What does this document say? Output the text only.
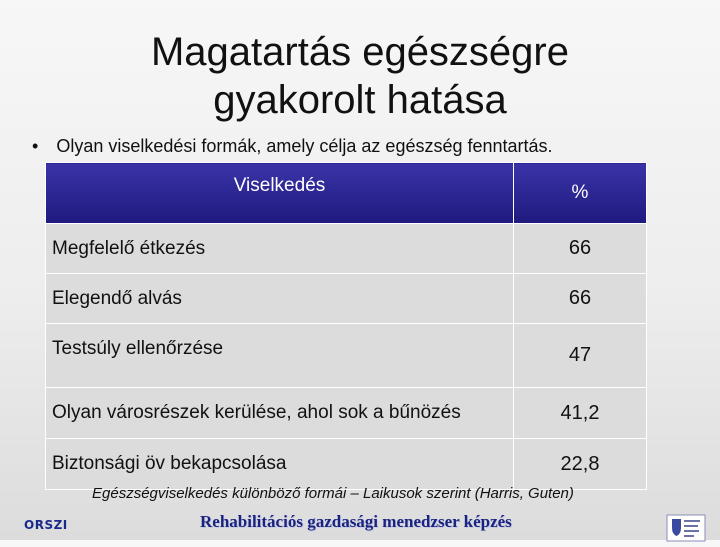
Magatartás egészségre
gyakorolt hatása
• Olyan viselkedési formák, amely célja az egészség fenntartás.
Viselkedés	%
Megfelelő étkezés	66
Elegendő alvás	66
Testsúly ellenőrzése	47
Olyan városrészek kerülése, ahol sok a bűnözés	41,2
Biztonsági öv bekapcsolása	22,8
Egészségviselkedés különböző formái – Laikusok szerint (Harris, Guten)
ORSZI	Rehabilitációs gazdasági menedzser képzés
